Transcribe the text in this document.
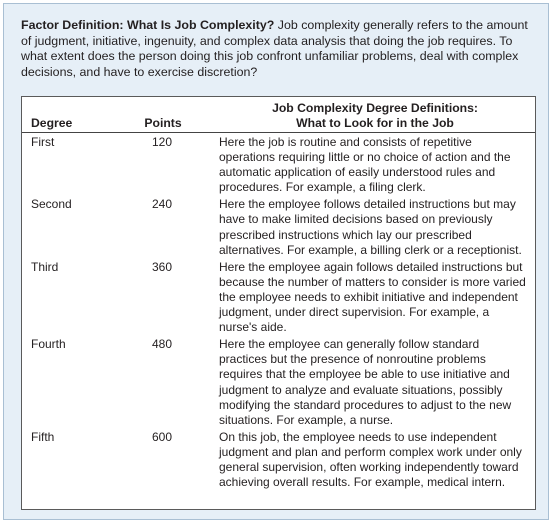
Factor Definition: What Is Job Complexity? Job complexity generally refers to the amount of judgment, initiative, ingenuity, and complex data analysis that doing the job requires. To what extent does the person doing this job confront unfamiliar problems, deal with complex decisions, and have to exercise discretion?

Degree	Points	Job Complexity Degree Definitions:
What to Look for in the Job

First	120	Here the job is routine and consists of repetitive operations requiring little or no choice of action and the automatic application of easily understood rules and procedures. For example, a filing clerk.
Second	240	Here the employee follows detailed instructions but may have to make limited decisions based on previously prescribed instructions which lay our prescribed alternatives. For example, a billing clerk or a receptionist.
Third	360	Here the employee again follows detailed instructions but because the number of matters to consider is more varied the employee needs to exhibit initiative and independent judgment, under direct supervision. For example, a nurse's aide.
Fourth	480	Here the employee can generally follow standard practices but the presence of nonroutine problems requires that the employee be able to use initiative and judgment to analyze and evaluate situations, possibly modifying the standard procedures to adjust to the new situations. For example, a nurse.
Fifth	600	On this job, the employee needs to use independent judgment and plan and perform complex work under only general supervision, often working independently toward achieving overall results. For example, medical intern.
